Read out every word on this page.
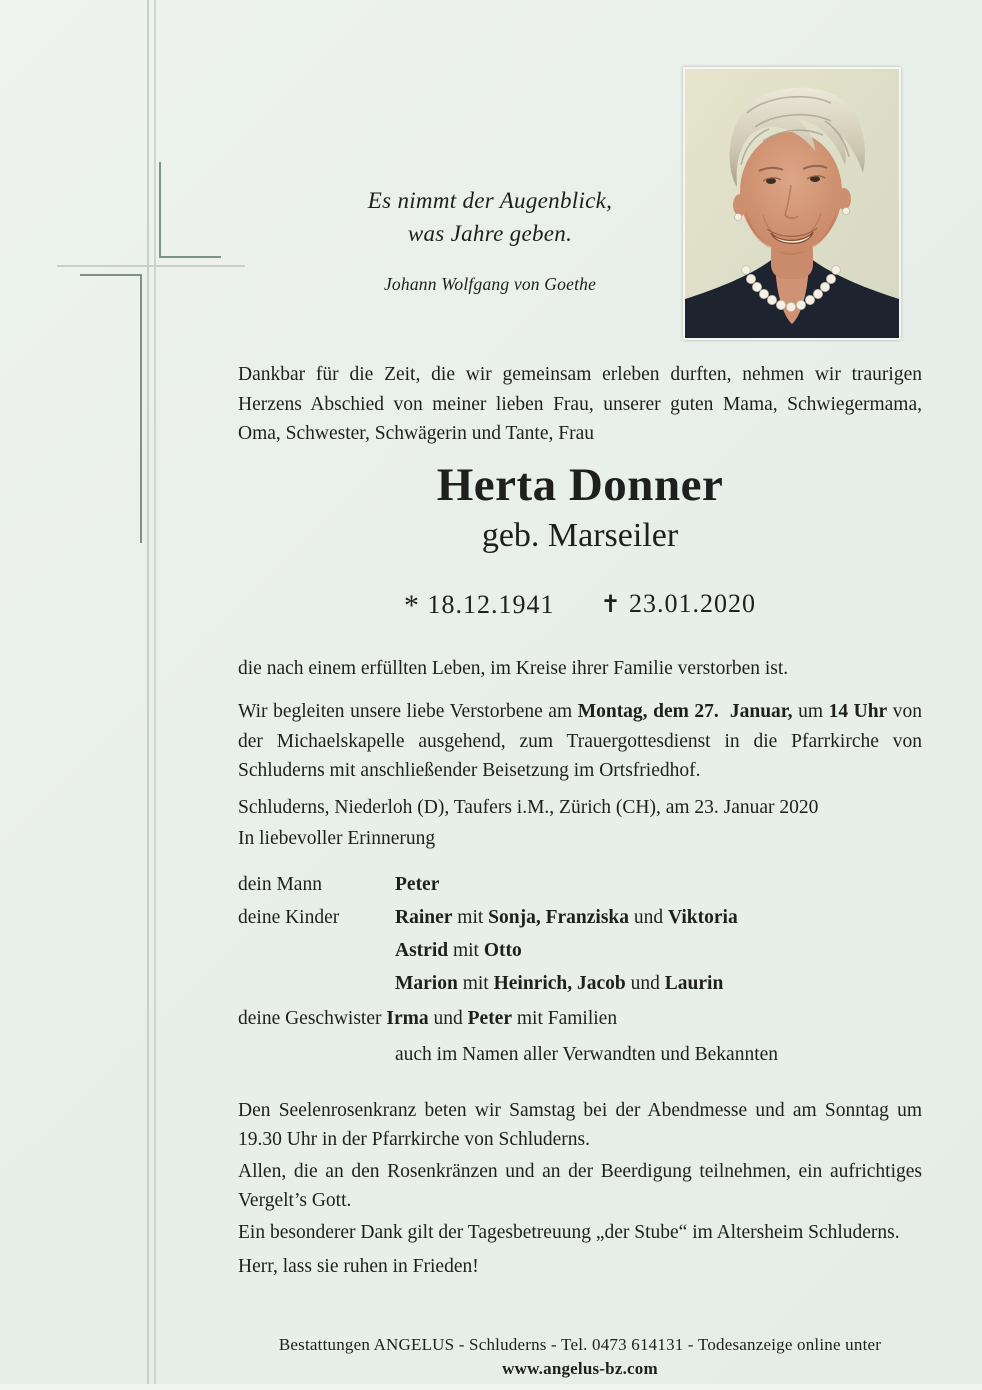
Es nimmt der Augenblick,
was Jahre geben.
Johann Wolfgang von Goethe

Dankbar für die Zeit, die wir gemeinsam erleben durften, nehmen wir traurigen Herzens Abschied von meiner lieben Frau, unserer guten Mama, Schwiegermama, Oma, Schwester, Schwägerin und Tante, Frau

Herta Donner
geb. Marseiler
* 18.12.1941 ✝ 23.01.2020

die nach einem erfüllten Leben, im Kreise ihrer Familie verstorben ist.

Wir begleiten unsere liebe Verstorbene am Montag, dem 27.  Januar, um 14 Uhr von der Michaelskapelle ausgehend, zum Trauergottesdienst in die Pfarrkirche von Schluderns mit anschließender Beisetzung im Ortsfriedhof.

Schluderns, Niederloh (D), Taufers i.M., Zürich (CH), am 23. Januar 2020

In liebevoller Erinnerung

dein Mann	Peter
deine Kinder	Rainer mit Sonja, Franziska und Viktoria
Astrid mit Otto
Marion mit Heinrich, Jacob und Laurin

deine Geschwister Irma und Peter mit Familien

auch im Namen aller Verwandten und Bekannten

Den Seelenrosenkranz beten wir Samstag bei der Abendmesse und am Sonntag um 19.30 Uhr in der Pfarrkirche von Schluderns.

Allen, die an den Rosenkränzen und an der Beerdigung teilnehmen, ein aufrichtiges Vergelt’s Gott.

Ein besonderer Dank gilt der Tagesbetreuung „der Stube“ im Altersheim Schluderns.

Herr, lass sie ruhen in Frieden!

Bestattungen ANGELUS - Schluderns - Tel. 0473 614131 - Todesanzeige online unter www.angelus-bz.com
